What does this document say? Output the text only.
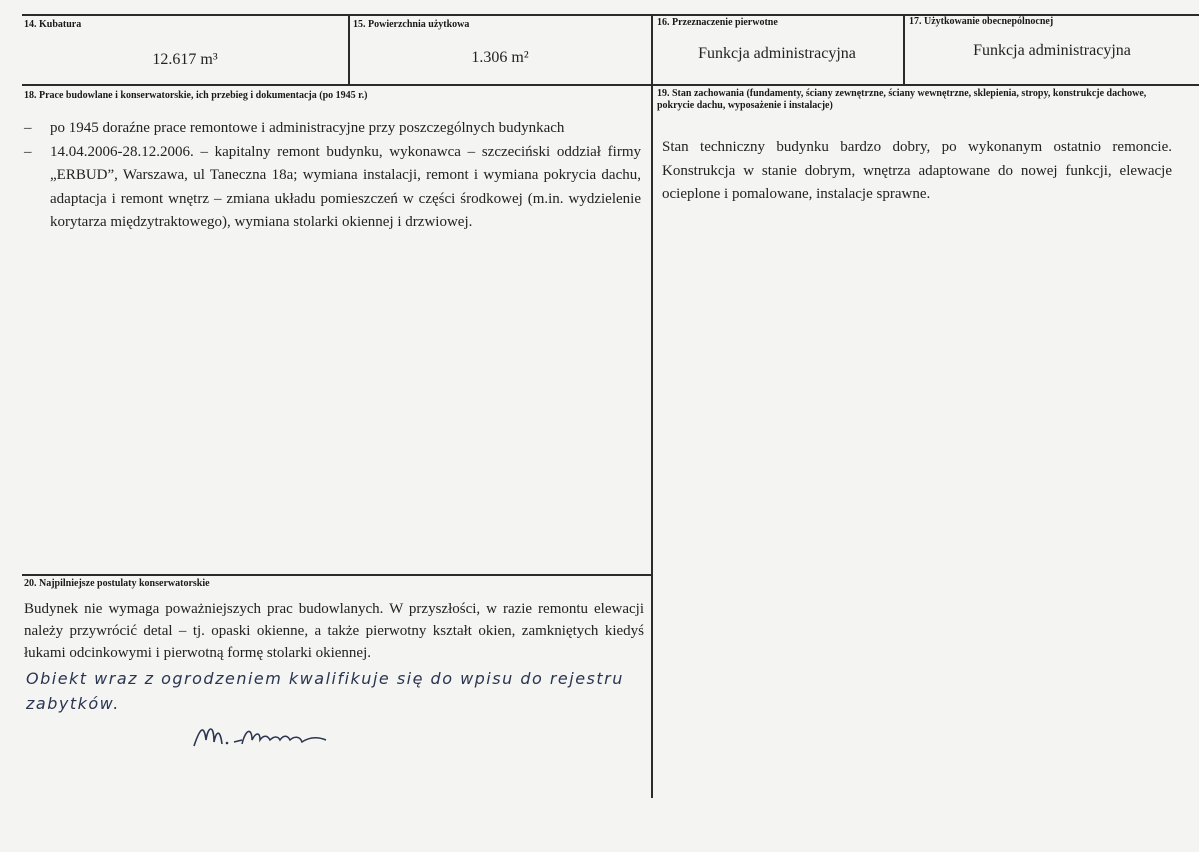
14. Kubatura
12.617 m³
15. Powierzchnia użytkowa
1.306 m²
16. Przeznaczenie pierwotne
Funkcja administracyjna
17. Użytkowanie obecnepólnocnej
Funkcja administracyjna
18. Prace budowlane i konserwatorskie, ich przebieg i dokumentacja (po 1945 r.)
– po 1945 doraźne prace remontowe i administracyjne przy poszczególnych budynkach
– 14.04.2006-28.12.2006. – kapitalny remont budynku, wykonawca – szczeciński oddział firmy „ERBUD”, Warszawa, ul Taneczna 18a; wymiana instalacji, remont i wymiana pokrycia dachu, adaptacja i remont wnętrz – zmiana układu pomieszczeń w części środkowej (m.in. wydzielenie korytarza międzytraktowego), wymiana stolarki okiennej i drzwiowej.
19. Stan zachowania (fundamenty, ściany zewnętrzne, ściany wewnętrzne, sklepienia, stropy, konstrukcje dachowe, pokrycie dachu, wyposażenie i instalacje)
Stan techniczny budynku bardzo dobry, po wykonanym ostatnio remoncie. Konstrukcja w stanie dobrym, wnętrza adaptowane do nowej funkcji, elewacje ocieplone i pomalowane, instalacje sprawne.
20. Najpilniejsze postulaty konserwatorskie
Budynek nie wymaga poważniejszych prac budowlanych. W przyszłości, w razie remontu elewacji należy przywrócić detal – tj. opaski okienne, a także pierwotny kształt okien, zamkniętych kiedyś łukami odcinkowymi i pierwotną formę stolarki okiennej.
Obiekt wraz z ogrodzeniem kwalifikuje się do wpisu do rejestru zabytków.
